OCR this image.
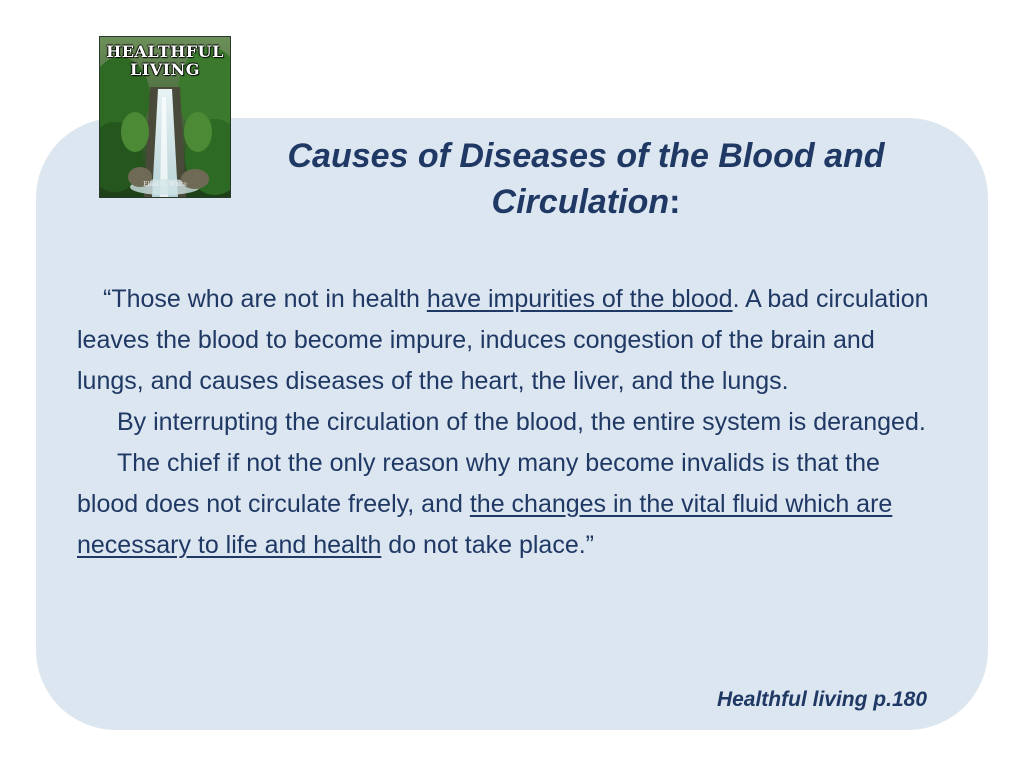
HEALTHFUL LIVING
Ellen G. White
Causes of Diseases of the Blood and Circulation:

“Those who are not in health have impurities of the blood. A bad circulation leaves the blood to become impure, induces congestion of the brain and lungs, and causes diseases of the heart, the liver, and the lungs.

By interrupting the circulation of the blood, the entire system is deranged.

The chief if not the only reason why many become invalids is that the blood does not circulate freely, and the changes in the vital fluid which are necessary to life and health do not take place.”

Healthful living p.180
